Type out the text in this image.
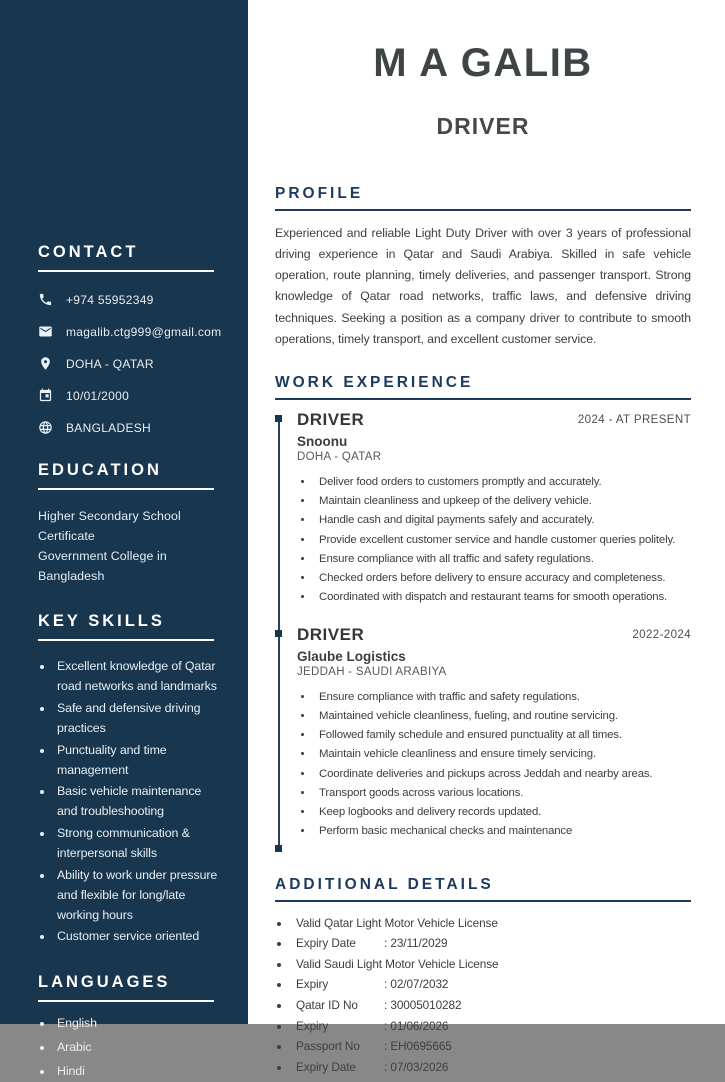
CONTACT
+974 55952349
magalib.ctg999@gmail.com
DOHA - QATAR
10/01/2000
BANGLADESH
EDUCATION
Higher Secondary School Certificate
Government College in Bangladesh
KEY SKILLS
• Excellent knowledge of Qatar road networks and landmarks
• Safe and defensive driving practices
• Punctuality and time management
• Basic vehicle maintenance and troubleshooting
• Strong communication & interpersonal skills
• Ability to work under pressure and flexible for long/late working hours
• Customer service oriented
LANGUAGES
• English
• Arabic
• Hindi
M A GALIB
DRIVER
PROFILE

Experienced and reliable Light Duty Driver with over 3 years of professional driving experience in Qatar and Saudi Arabiya. Skilled in safe vehicle operation, route planning, timely deliveries, and passenger transport. Strong knowledge of Qatar road networks, traffic laws, and defensive driving techniques. Seeking a position as a company driver to contribute to smooth operations, timely transport, and excellent customer service.

WORK EXPERIENCE
DRIVER	2024 - AT PRESENT
Snoonu
DOHA - QATAR
• Deliver food orders to customers promptly and accurately.
• Maintain cleanliness and upkeep of the delivery vehicle.
• Handle cash and digital payments safely and accurately.
• Provide excellent customer service and handle customer queries politely.
• Ensure compliance with all traffic and safety regulations.
• Checked orders before delivery to ensure accuracy and completeness.
• Coordinated with dispatch and restaurant teams for smooth operations.
DRIVER	2022-2024
Glaube Logistics
JEDDAH - SAUDI ARABIYA
• Ensure compliance with traffic and safety regulations.
• Maintained vehicle cleanliness, fueling, and routine servicing.
• Followed family schedule and ensured punctuality at all times.
• Maintain vehicle cleanliness and ensure timely servicing.
• Coordinate deliveries and pickups across Jeddah and nearby areas.
• Transport goods across various locations.
• Keep logbooks and delivery records updated.
• Perform basic mechanical checks and maintenance
ADDITIONAL DETAILS
• Valid Qatar Light Motor Vehicle License
• Expiry Date : 23/11/2029
• Valid Saudi Light Motor Vehicle License
• Expiry	: 02/07/2032
• Qatar ID No : 30005010282
• Expiry	: 01/06/2026
• Passport No : EH0695665
• Expiry Date : 07/03/2026
